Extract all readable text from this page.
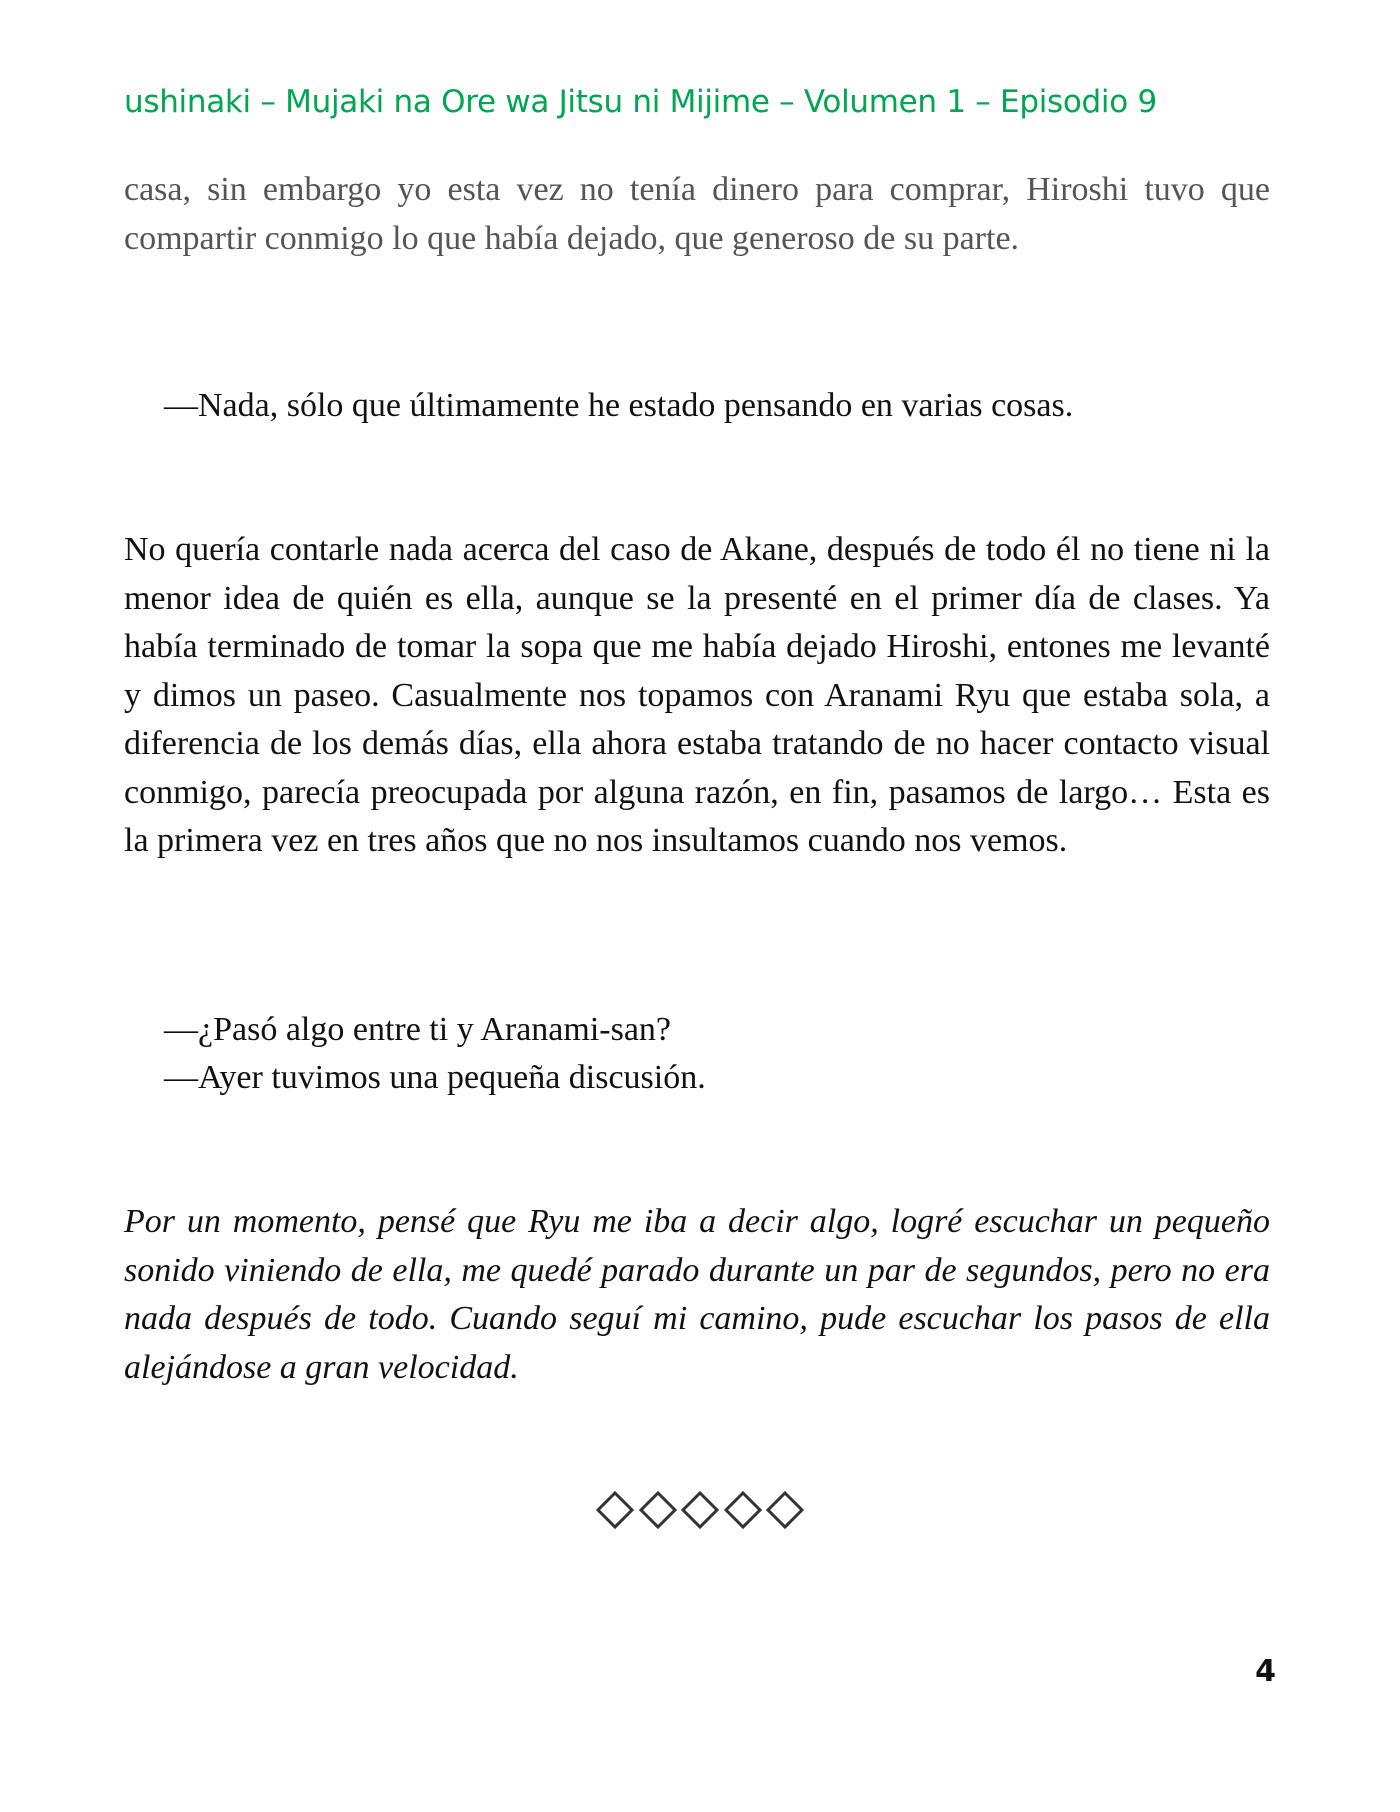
ushinaki – Mujaki na Ore wa Jitsu ni Mijime – Volumen 1 – Episodio 9

casa, sin embargo yo esta vez no tenía dinero para comprar, Hiroshi tuvo que compartir conmigo lo que había dejado, que generoso de su parte.

—Nada, sólo que últimamente he estado pensando en varias cosas.

No quería contarle nada acerca del caso de Akane, después de todo él no tiene ni la menor idea de quién es ella, aunque se la presenté en el primer día de clases. Ya había terminado de tomar la sopa que me había dejado Hiroshi, entones me levanté y dimos un paseo. Casualmente nos topamos con Aranami Ryu que estaba sola, a diferencia de los demás días, ella ahora estaba tratando de no hacer contacto visual conmigo, parecía preocupada por alguna razón, en fin, pasamos de largo… Esta es la primera vez en tres años que no nos insultamos cuando nos vemos.

—¿Pasó algo entre ti y Aranami-san?
—Ayer tuvimos una pequeña discusión.

Por un momento, pensé que Ryu me iba a decir algo, logré escuchar un pequeño sonido viniendo de ella, me quedé parado durante un par de segundos, pero no era nada después de todo. Cuando seguí mi camino, pude escuchar los pasos de ella alejándose a gran velocidad.

4
